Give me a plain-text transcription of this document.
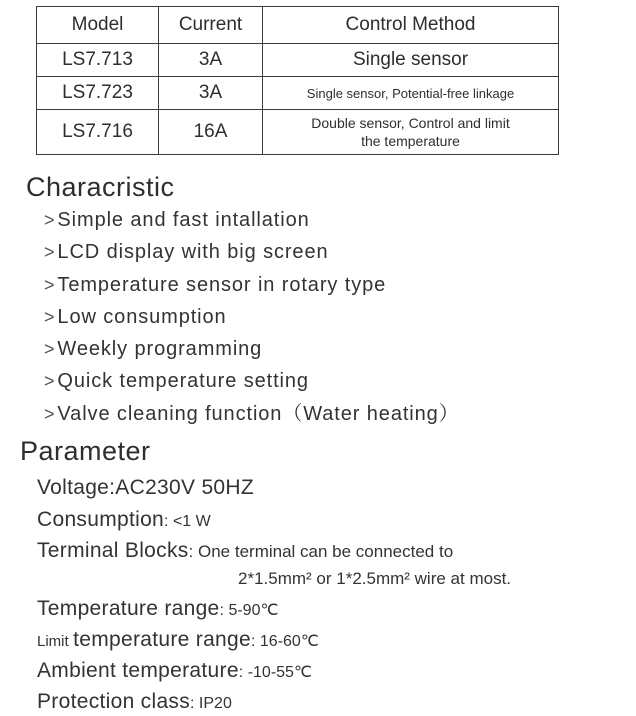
Model	Current	Control Method
LS7.713	3A	Single sensor
LS7.723	3A	Single sensor, Potential-free linkage
LS7.716	16A	Double sensor, Control and limit
the temperature
Characristic
> Simple and fast intallation
> LCD display with big screen
> Temperature sensor in rotary type
> Low consumption
> Weekly programming
> Quick temperature setting
> Valve cleaning function（Water heating）
Parameter
Voltage:AC230V 50HZ
Consumption: <1 W
Terminal Blocks: One terminal can be connected to
2*1.5mm² or 1*2.5mm² wire at most.
Temperature range: 5-90℃
Limit temperature range: 16-60℃
Ambient temperature: -10-55℃
Protection class: IP20
